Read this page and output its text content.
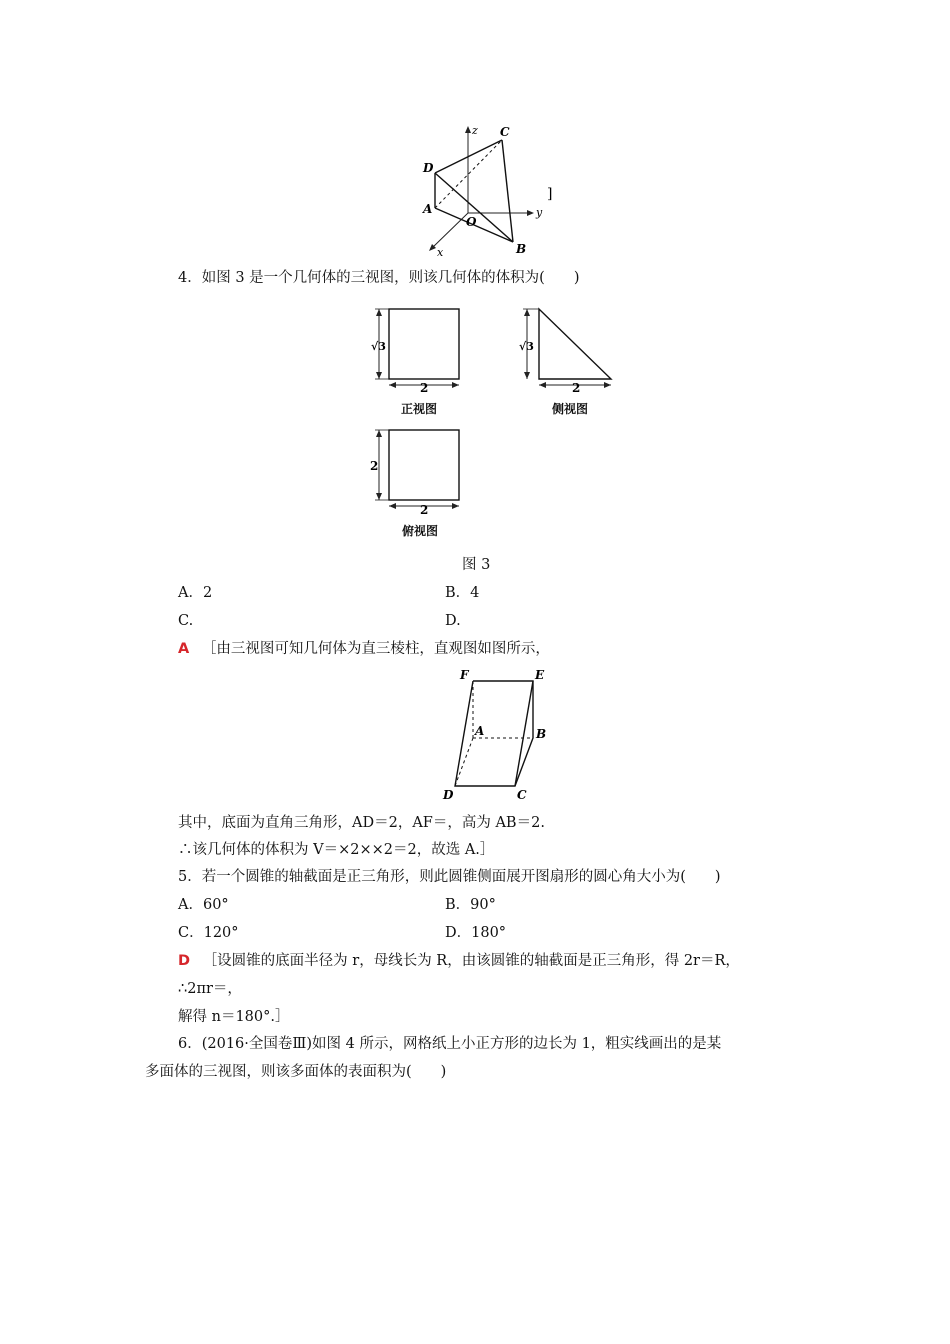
z C
D
A
O
y
B
x
]
4．如图 3 是一个几何体的三视图，则该几何体的体积为(　　)
√3
2
正视图
√3
2
侧视图
2
2
俯视图
图 3
A．2	B．4
C.	D.
A ［由三视图可知几何体为直三棱柱，直观图如图所示，
F	E
A	B
D	C
其中，底面为直角三角形，AD＝2，AF＝，高为 AB＝2.
∴该几何体的体积为 V＝×2××2＝2，故选 A.］
5．若一个圆锥的轴截面是正三角形，则此圆锥侧面展开图扇形的圆心角大小为(　　)
A．60°	B．90°
C．120°	D．180°
D ［设圆锥的底面半径为 r，母线长为 R，由该圆锥的轴截面是正三角形，得 2r＝R，
∴2πr＝，
解得 n＝180°.］
6．(2016·全国卷Ⅲ)如图 4 所示，网格纸上小正方形的边长为 1，粗实线画出的是某
多面体的三视图，则该多面体的表面积为(　　)
